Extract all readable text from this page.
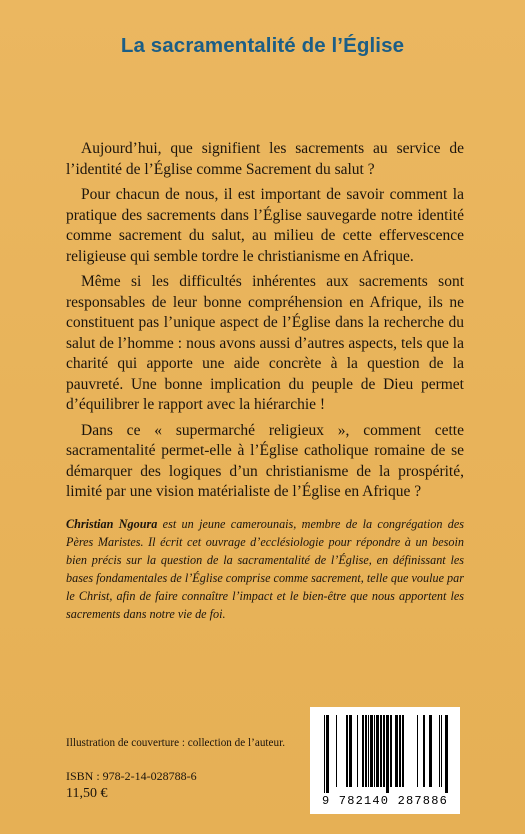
La sacramentalité de l’Église

Aujourd’hui, que signifient les sacrements au service de l’identité de l’Église comme Sacrement du salut ?

Pour chacun de nous, il est important de savoir comment la pratique des sacrements dans l’Église sauvegarde notre identité comme sacrement du salut, au milieu de cette effervescence religieuse qui semble tordre le christianisme en Afrique.

Même si les difficultés inhérentes aux sacrements sont responsables de leur bonne compréhension en Afrique, ils ne constituent pas l’unique aspect de l’Église dans la recherche du salut de l’homme : nous avons aussi d’autres aspects, tels que la charité qui apporte une aide concrète à la question de la pauvreté. Une bonne implication du peuple de Dieu permet d’équilibrer le rapport avec la hiérarchie !

Dans ce « supermarché religieux », comment cette sacramentalité permet-elle à l’Église catholique romaine de se démarquer des logiques d’un christianisme de la prospérité, limité par une vision matérialiste de l’Église en Afrique ?

Christian Ngoura est un jeune camerounais, membre de la congrégation des Pères Maristes. Il écrit cet ouvrage d’ecclésiologie pour répondre à un besoin bien précis sur la question de la sacramentalité de l’Église, en définissant les bases fondamentales de l’Église comprise comme sacrement, telle que voulue par le Christ, afin de faire connaître l’impact et le bien-être que nous apportent les sacrements dans notre vie de foi.

Illustration de couverture : collection de l’auteur.
ISBN : 978-2-14-028788-6
11,50 €	9 782140 287886
